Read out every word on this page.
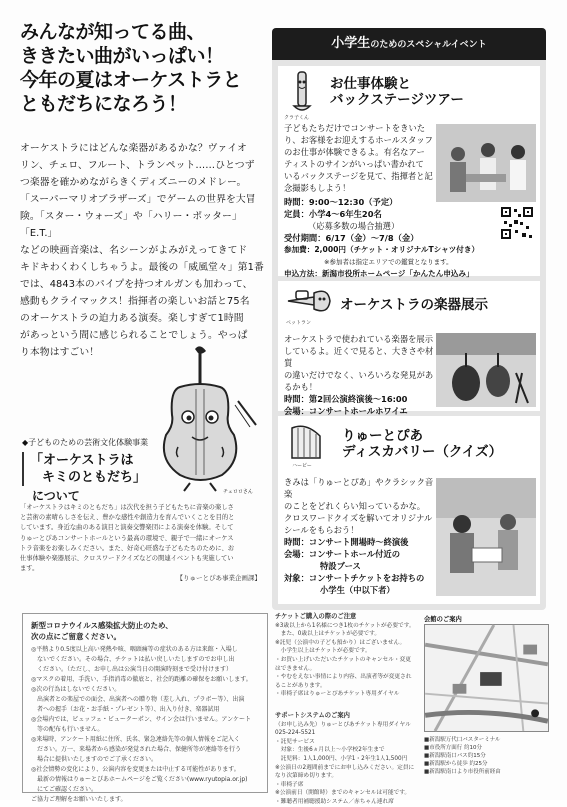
みんなが知ってる曲、
ききたい曲がいっぱい！
今年の夏はオーケストラと
ともだちになろう！

オーケストラにはどんな楽器があるかな？ヴァイオ

リン、チェロ、フルート、トランペット……ひとつず

つ楽器を確かめながらきくディズニーのメドレー。

「スーパーマリオブラザーズ」でゲームの世界を大冒

険。「スター・ウォーズ」や「ハリー・ポッター」「E.T.」

などの映画音楽は、名シーンがよみがえってきてド

キドキわくわくしちゃうよ。最後の「威風堂々」第1番

では、4843本のパイプを持つオルガンも加わって、

感動もクライマックス！指揮者の楽しいお話と75名

のオーケストラの迫力ある演奏。楽しすぎて1時間

があっという間に感じられることでしょう。やっぱ

り本物はすごい！

チェロロさん
◆子どものための芸術文化体験事業
「オーケストラは
キミのともだち」
について
「オーケストラはキミのともだち」は次代を担う子どもたちに音楽の楽しさ
と芸術の素晴らしさを伝え、豊かな感性や創造力を育んでいくことを目的と
しています。身近な曲のある演目と演奏交響楽団による演奏を体験。そして
りゅーとぴあコンサートホールという最高の環境で、親子で一緒にオーケス
トラ音楽をお楽しみください。また、好奇心旺盛な子どもたちのために、お
仕事体験や楽器展示、クロスワードクイズなどの関連イベントも実施してい
ます。
【りゅーとぴあ事業企画課】
小学生のためのスペシャルイベント
クラ子くん
お仕事体験と
バックステージツアー
子どもたちだけでコンサートをきいた
り、お客様をお迎えするホールスタッフ
のお仕事が体験できるよ。有名なアー
ティストのサインがいっぱい書かれて
いるバックステージを見て、指揮者と記
念撮影もしよう！
時間：9:00〜12:30（予定）
定員：小学4〜6年生20名
（応募多数の場合抽選）
受付期間：6/17（金）〜7/8（金）
参加費：2,000円（チケット・オリジナルTシャツ付き）
※参加者は指定エリアでの鑑賞となります。
申込方法：新潟市役所ホームページ「かんたん申込み」
ペットラン
オーケストラの楽器展示
オーケストラで使われている楽器を展示
しているよ。近くで見ると、大きさや材質
の違いだけでなく、いろいろな発見があ
るかも！
時間：第2回公演終演後〜16:00
会場：コンサートホールホワイエ
ハーピー
りゅーとぴあ
ディスカバリー（クイズ）
きみは「りゅーとぴあ」やクラシック音楽
のことをどれくらい知っているかな。
クロスワードクイズを解いてオリジナル
シールをもらおう！
時間：コンサート開場時〜終演後
会場：コンサートホール付近の
特設ブース
対象：コンサートチケットをお持ちの
小学生（中以下者）
新型コロナウイルス感染拡大防止のため、
次の点にご留意ください。
◎平熱より0.5度以上高い発熱や咳、咽頭痛等の症状のある方は来館・入場し
　ないでください。その場合、チケットは払い戻しいたしますのでお申し出
　ください。（ただし、お申し出は公演当日の開演時刻まで受け付けます）
◎マスクの着用、手洗い、手指消毒の徹底と、社会的距離の確保をお願いします。
◎次の行為はしないでください。
　出演者との楽屋での面会、出演者への贈り物（差し入れ、プラボー等）、出演
　者への握手（お花・お手紙・プレゼント等）、出入り付き、楽器試用
◎会場内では、ビュッフェ・ビュークーポン、サイン会は行いません。アンケート
　等の配布も行いません。
◎来場時、アンケート用紙に住所、氏名、緊急連絡先等の個人情報をご記入く
　ださい。万一、来場者から感染が発覚された場合、保健所等が連絡等を行う
　場合に提供いたしますのでご了承ください。
◎社会情勢の変化により、公演内容を変更または中止する可能性があります。
　最新の情報はりゅーとぴあホームページをご覧ください(www.ryutopia.or.jp)
　にてご確認ください。
ご協力ご理解をお願いいたします。
チケットご購入の際のご注意
※3歳以上から1名様につき1枚のチケットが必要です。
　また、0歳以上はチケットが必要です。
※託児（公演中の子ども預かり）はございません。
　小学生以上はチケットが必要です。
・お買い上げいただいたチケットのキャンセル・変更はできません。
・やむをえない事情により内容、出演者等が変更されることがあります。
・車椅子席はりゅーとぴあチケット専用ダイヤル
サポートシステムのご案内
（お申し込み先）りゅーとぴあチケット専用ダイヤル 025-224-5521
・託児サービス
　対象：生後6ヵ月以上〜小学校2年生まで
　託児料：1人1,000円、小学1・2年生1人1,500円
※公演日の2週間前までにお申し込みください。定員になり次第締め切ります。
・車椅子席
※公演前日（開館時）までのキャンセルは可能です。
・難聴者用補聴援助システム／赤ちゃん連れ席
会館のご案内
■新潟駅万代口バスターミナル
■市役所方面行 約10分
■新潟駅南口バス約15分
■新潟駅から徒歩 約25分
■新潟駅南口より市役所前経由
